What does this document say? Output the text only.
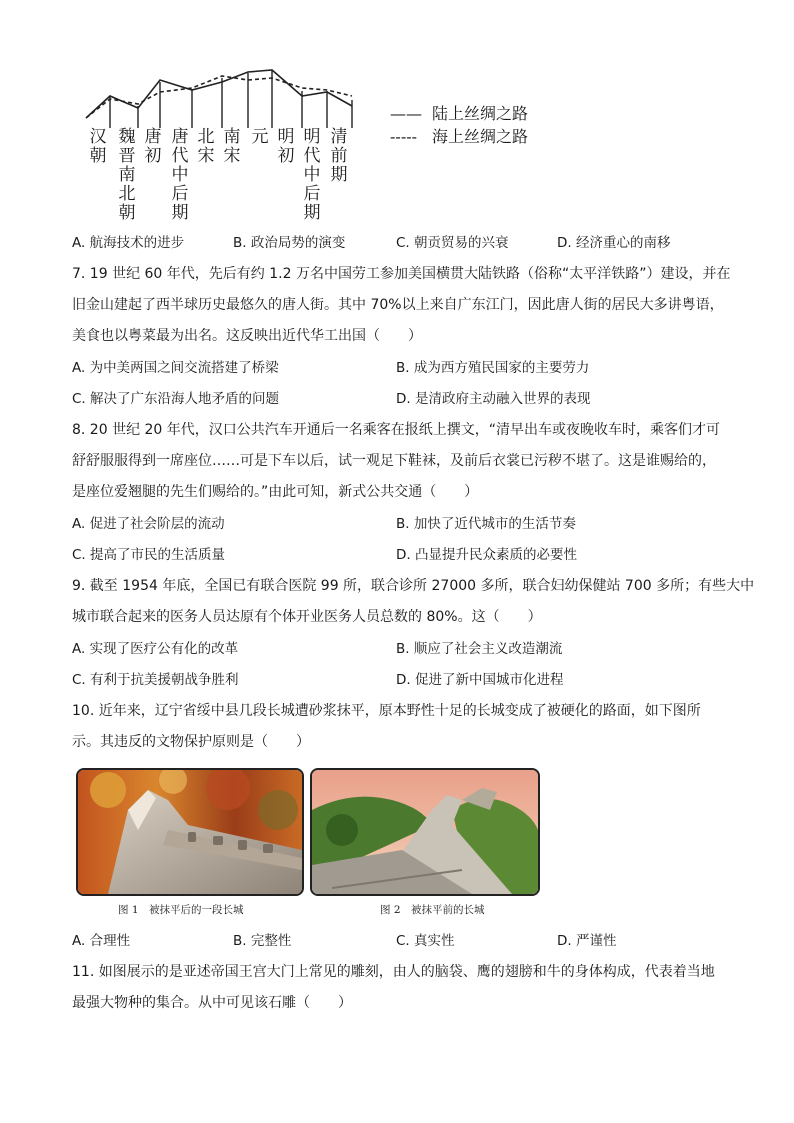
汉
朝
魏
晋
南
北
朝
唐
初
唐
代
中
后
期
北
宋
南
宋
元 明
初
明
代
中
后
期
清
前
期
—— 陆上丝绸之路
----- 海上丝绸之路
A. 航海技术的进步	B. 政治局势的演变	C. 朝贡贸易的兴衰	D. 经济重心的南移
7. 19 世纪 60 年代，先后有约 1.2 万名中国劳工参加美国横贯大陆铁路（俗称“太平洋铁路”）建设，并在
旧金山建起了西半球历史最悠久的唐人街。其中 70%以上来自广东江门，因此唐人街的居民大多讲粤语，
美食也以粤菜最为出名。这反映出近代华工出国（　　）
A. 为中美两国之间交流搭建了桥梁	B. 成为西方殖民国家的主要劳力
C. 解决了广东沿海人地矛盾的问题	D. 是清政府主动融入世界的表现
8. 20 世纪 20 年代，汉口公共汽车开通后一名乘客在报纸上撰文，“清早出车或夜晚收车时，乘客们才可
舒舒服服得到一席座位……可是下车以后，试一观足下鞋袜，及前后衣裳已污秽不堪了。这是谁赐给的，
是座位爱翘腿的先生们赐给的。”由此可知，新式公共交通（　　）
A. 促进了社会阶层的流动	B. 加快了近代城市的生活节奏
C. 提高了市民的生活质量	D. 凸显提升民众素质的必要性
9. 截至 1954 年底，全国已有联合医院 99 所，联合诊所 27000 多所，联合妇幼保健站 700 多所；有些大中
城市联合起来的医务人员达原有个体开业医务人员总数的 80%。这（　　）
A. 实现了医疗公有化的改革	B. 顺应了社会主义改造潮流
C. 有利于抗美援朝战争胜利	D. 促进了新中国城市化进程
10. 近年来，辽宁省绥中县几段长城遭砂浆抹平，原本野性十足的长城变成了被硬化的路面，如下图所
示。其违反的文物保护原则是（　　）
图 1　被抹平后的一段长城	图 2　被抹平前的长城
A. 合理性	B. 完整性	C. 真实性	D. 严谨性
11. 如图展示的是亚述帝国王宫大门上常见的雕刻，由人的脑袋、鹰的翅膀和牛的身体构成，代表着当地
最强大物种的集合。从中可见该石雕（　　）
